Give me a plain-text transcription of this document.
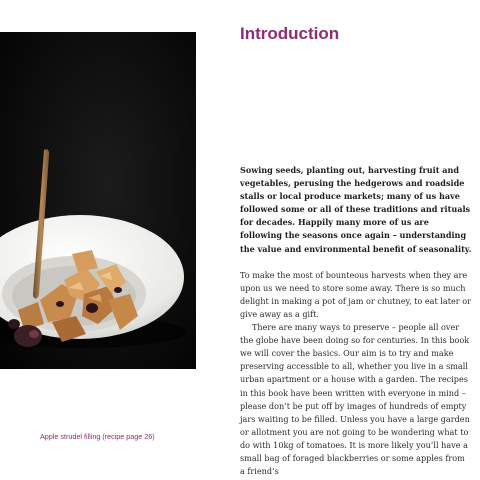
Apple strudel filling (recipe page 26)
Introduction

Sowing seeds, planting out, harvesting fruit and vegetables, perusing the hedgerows and roadside stalls or local produce markets; many of us have followed some or all of these traditions and rituals for decades. Happily many more of us are following the seasons once again – understanding the value and environmental benefit of seasonality.

To make the most of bounteous harvests when they are upon us we need to store some away. There is so much delight in making a pot of jam or chutney, to eat later or give away as a gift.

There are many ways to preserve – people all over the globe have been doing so for centuries. In this book we will cover the basics. Our aim is to try and make preserving accessible to all, whether you live in a small urban apartment or a house with a garden. The recipes in this book have been written with everyone in mind – please don’t be put off by images of hundreds of empty jars waiting to be filled. Unless you have a large garden or allotment you are not going to be wondering what to do with 10kg of tomatoes. It is more likely you’ll have a small bag of foraged blackberries or some apples from a friend’s
